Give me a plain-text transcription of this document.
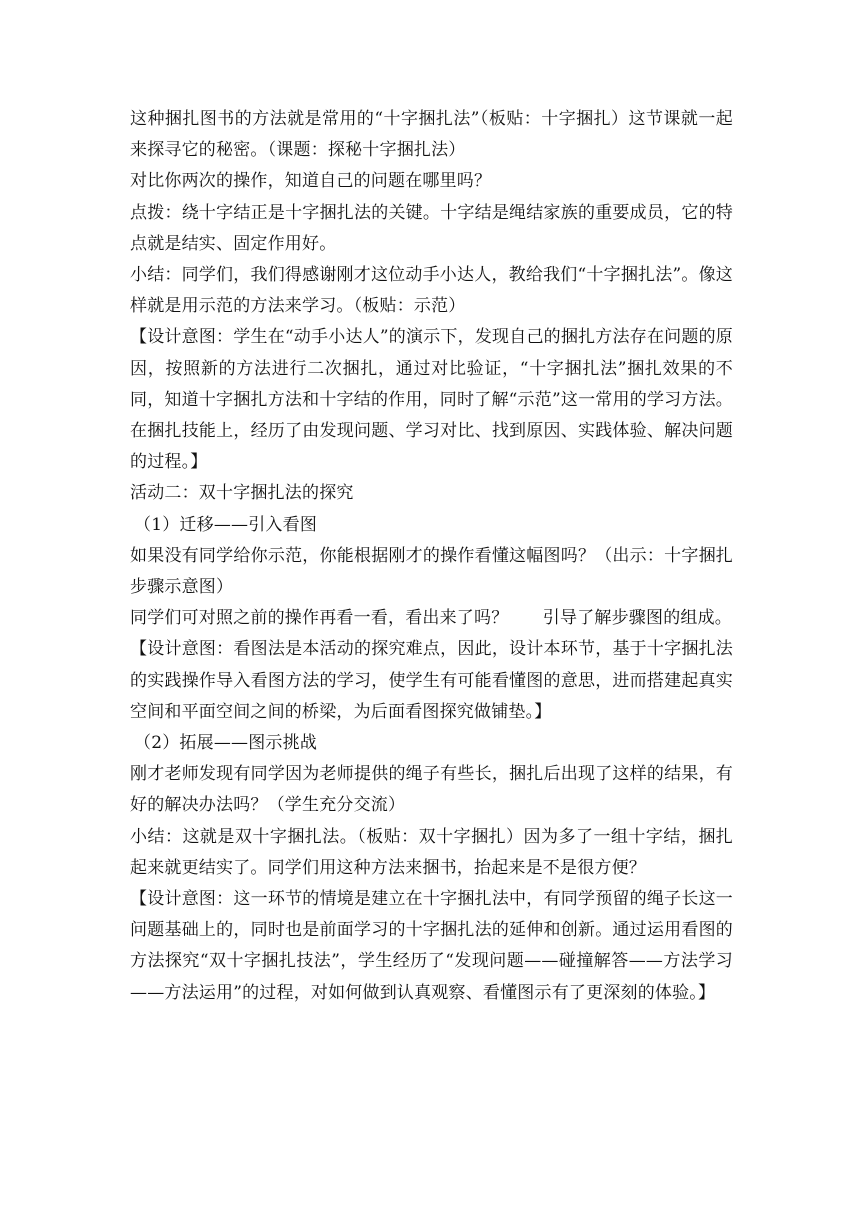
这种捆扎图书的方法就是常用的“十字捆扎法”（板贴：十字捆扎）这节课就一起来探寻它的秘密。（课题：探秘十字捆扎法）

对比你两次的操作，知道自己的问题在哪里吗？

点拨：绕十字结正是十字捆扎法的关键。十字结是绳结家族的重要成员，它的特点就是结实、固定作用好。

小结：同学们，我们得感谢刚才这位动手小达人，教给我们“十字捆扎法”。像这样就是用示范的方法来学习。（板贴：示范）

【设计意图：学生在“动手小达人”的演示下，发现自己的捆扎方法存在问题的原因，按照新的方法进行二次捆扎，通过对比验证，“十字捆扎法”捆扎效果的不同，知道十字捆扎方法和十字结的作用，同时了解“示范”这一常用的学习方法。在捆扎技能上，经历了由发现问题、学习对比、找到原因、实践体验、解决问题的过程。】

活动二：双十字捆扎法的探究

（1）迁移——引入看图

如果没有同学给你示范，你能根据刚才的操作看懂这幅图吗？（出示：十字捆扎步骤示意图）

同学们可对照之前的操作再看一看，看出来了吗？　　引导了解步骤图的组成。

【设计意图：看图法是本活动的探究难点，因此，设计本环节，基于十字捆扎法的实践操作导入看图方法的学习，使学生有可能看懂图的意思，进而搭建起真实空间和平面空间之间的桥梁，为后面看图探究做铺垫。】

（2）拓展——图示挑战

刚才老师发现有同学因为老师提供的绳子有些长，捆扎后出现了这样的结果，有好的解决办法吗？（学生充分交流）

小结：这就是双十字捆扎法。（板贴：双十字捆扎）因为多了一组十字结，捆扎起来就更结实了。同学们用这种方法来捆书，抬起来是不是很方便？

【设计意图：这一环节的情境是建立在十字捆扎法中，有同学预留的绳子长这一问题基础上的，同时也是前面学习的十字捆扎法的延伸和创新。通过运用看图的方法探究“双十字捆扎技法”，学生经历了“发现问题——碰撞解答——方法学习——方法运用”的过程，对如何做到认真观察、看懂图示有了更深刻的体验。】
